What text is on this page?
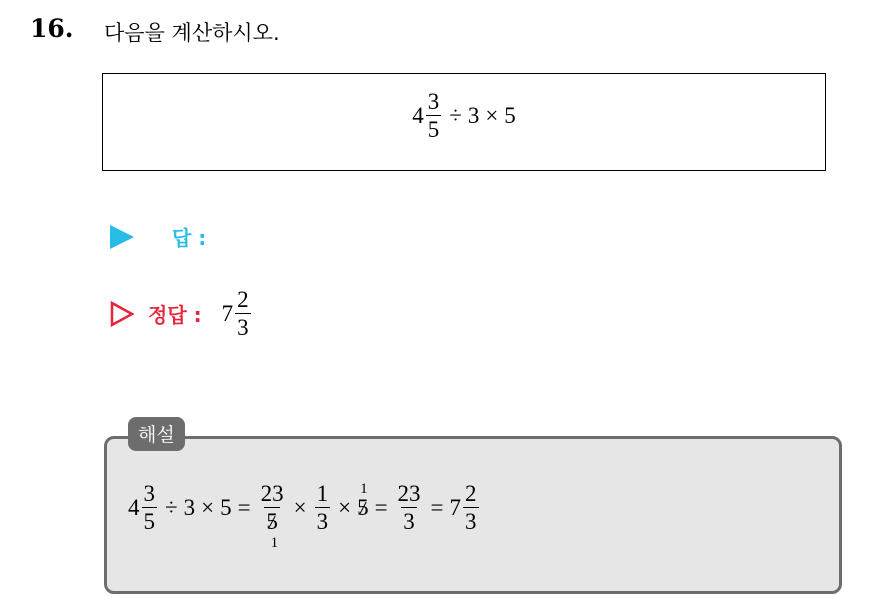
16. 다음을 계산하시오.
$4 \frac{3}{5} \div 3 \times 5$
답 :
정답 : $7 \frac{2}{3}$
해설
$4 \frac{3}{5} \div 3 \times 5$ =
23
5
1
× $\frac{1}{3}$ ×
1
$5 = \frac{23}{3} = 7 \frac{2}{3}$
